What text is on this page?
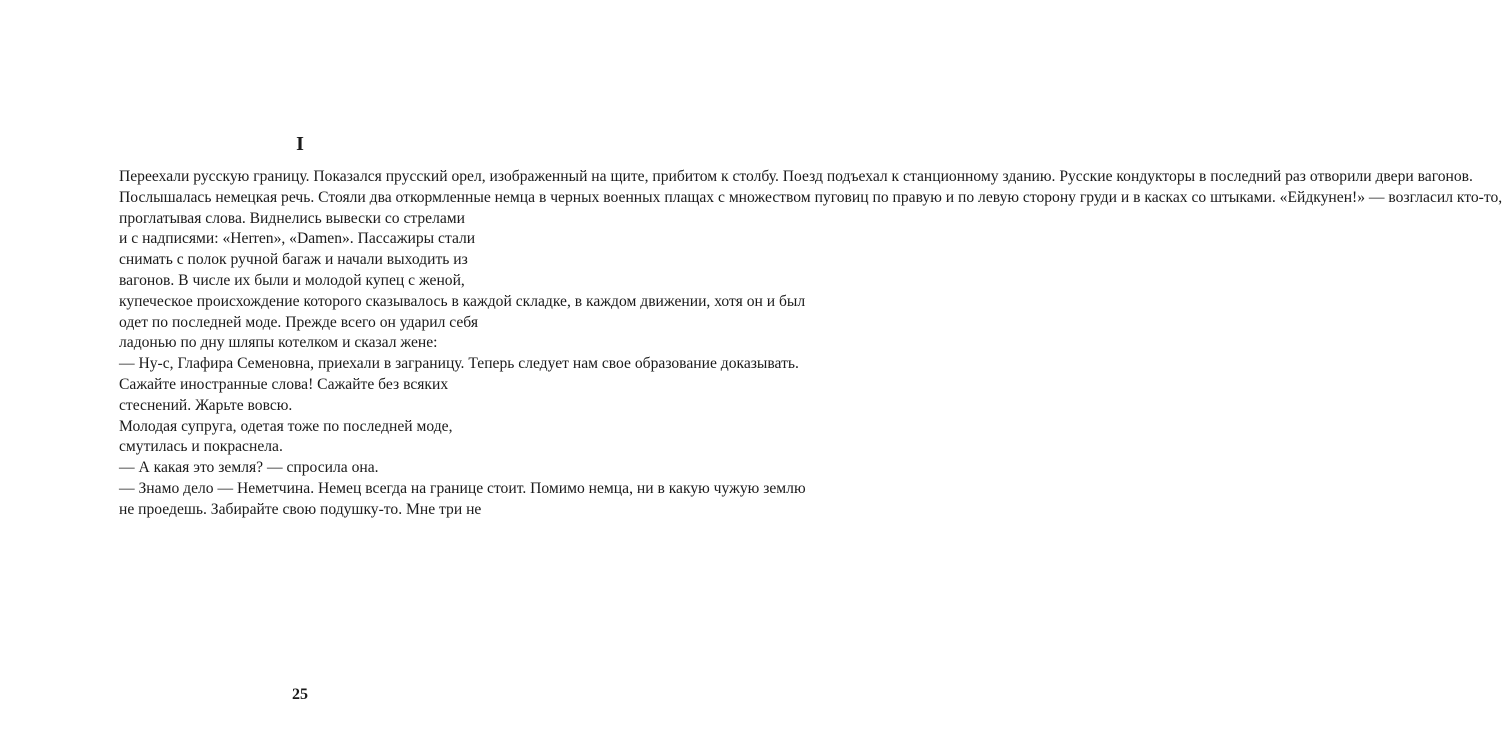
I

Переехали русскую границу. Показался прусский орел, изображенный на щите, прибитом к столбу. Поезд подъехал к станционному зданию. Русские кондукторы в последний раз отворили двери вагонов.
Послышалась немецкая речь. Стояли два откормленные немца в черных военных плащах с множеством пуговиц по правую и по левую сторону груди и в касках со штыками. «Ейдкунен!» — возгласил кто-то,
проглатывая слова. Виднелись вывески со стрелами
и с надписями: «Herren», «Damen». Пассажиры стали
снимать с полок ручной багаж и начали выходить из
вагонов. В числе их были и молодой купец с женой,
купеческое происхождение которого сказывалось в каждой складке, в каждом движении, хотя он и был
одет по последней моде. Прежде всего он ударил себя
ладонью по дну шляпы котелком и сказал жене:
— Ну-с, Глафира Семеновна, приехали в заграницу. Теперь следует нам свое образование доказывать.
Сажайте иностранные слова! Сажайте без всяких
стеснений. Жарьте вовсю.
Молодая супруга, одетая тоже по последней моде,
смутилась и покраснела.
— А какая это земля? — спросила она.
— Знамо дело — Неметчина. Немец всегда на границе стоит. Помимо немца, ни в какую чужую землю

не проедешь. Забирайте свою подушку-то. Мне три не

25
